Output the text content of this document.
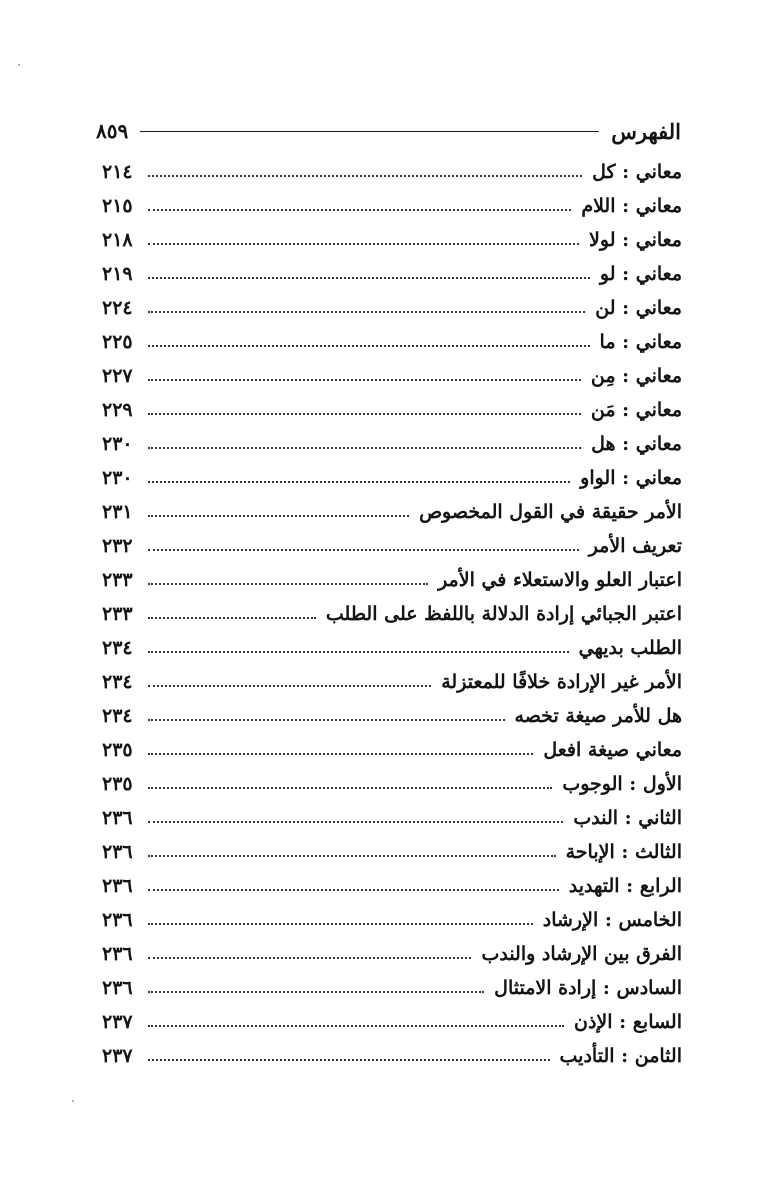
الفهرس
٨٥٩
معاني : كل
٢١٤
معاني : اللام
٢١٥
معاني : لولا
٢١٨
معاني : لو
٢١٩
معاني : لن
٢٢٤
معاني : ما
٢٢٥
معاني : مِن
٢٢٧
معاني : مَن
٢٢٩
معاني : هل
٢٣٠
معاني : الواو
٢٣٠
الأمر حقيقة في القول المخصوص
٢٣١
تعريف الأمر
٢٣٢
اعتبار العلو والاستعلاء في الأمر
٢٣٣
اعتبر الجبائي إرادة الدلالة باللفظ على الطلب
٢٣٣
الطلب بديهي
٢٣٤
الأمر غير الإرادة خلافًا للمعتزلة
٢٣٤
هل للأمر صيغة تخصه
٢٣٤
معاني صيغة افعل
٢٣٥
الأول : الوجوب
٢٣٥
الثاني : الندب
٢٣٦
الثالث : الإباحة
٢٣٦
الرابع : التهديد
٢٣٦
الخامس : الإرشاد
٢٣٦
الفرق بين الإرشاد والندب
٢٣٦
السادس : إرادة الامتثال
٢٣٦
السابع : الإذن
٢٣٧
الثامن : التأديب
٢٣٧
